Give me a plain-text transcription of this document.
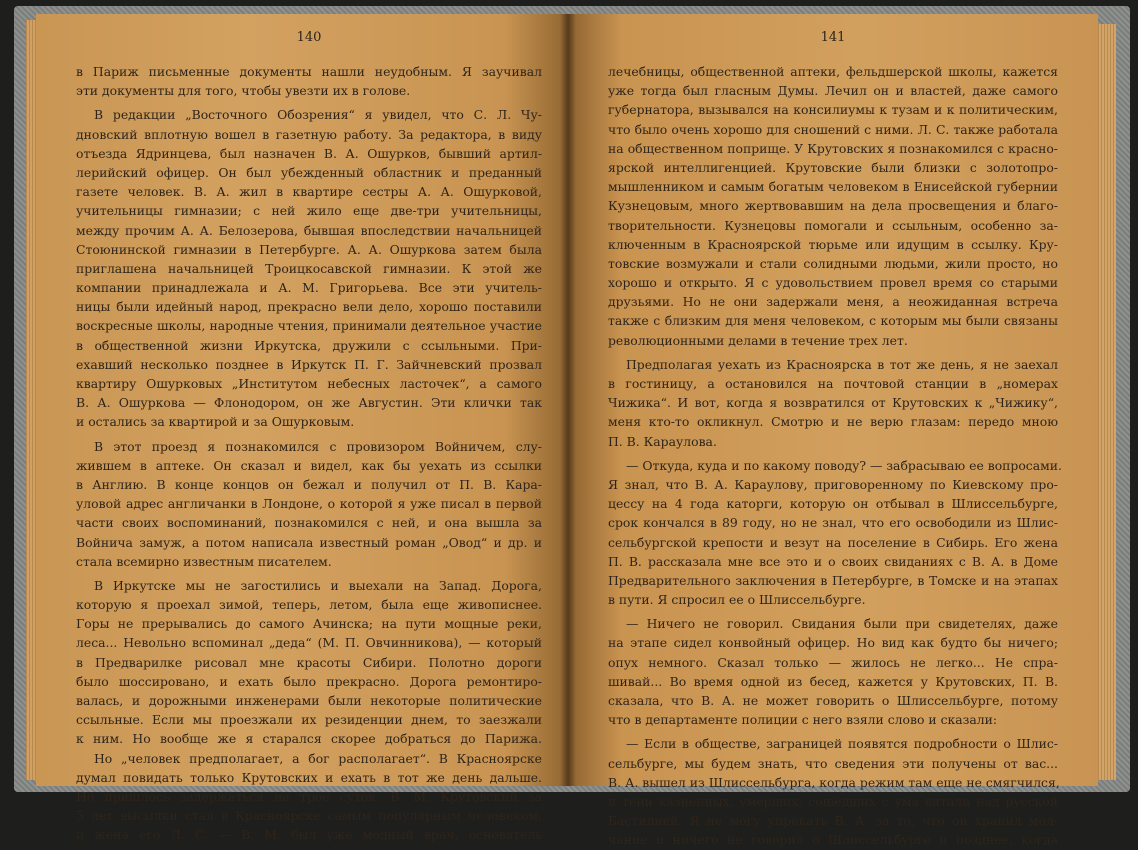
140
в Париж письменные документы нашли неудобным. Я заучивал
эти документы для того, чтобы увезти их в голове.
В редакции „Восточного Обозрения“ я увидел, что С. Л. Чу-
дновский вплотную вошел в газетную работу. За редактора, в виду
отъезда Ядринцева, был назначен В. А. Ошурков, бывший артил-
лерийский офицер. Он был убежденный областник и преданный
газете человек. В. А. жил в квартире сестры А. А. Ошурковой,
учительницы гимназии; с ней жило еще две-три учительницы,
между прочим А. А. Белозерова, бывшая впоследствии начальницей
Стоюнинской гимназии в Петербурге. А. А. Ошуркова затем была
приглашена начальницей Троицкосавской гимназии. К этой же
компании принадлежала и А. М. Григорьева. Все эти учитель-
ницы были идейный народ, прекрасно вели дело, хорошо поставили
воскресные школы, народные чтения, принимали деятельное участие
в общественной жизни Иркутска, дружили с ссыльными. При-
ехавший несколько позднее в Иркутск П. Г. Зайчневский прозвал
квартиру Ошурковых „Институтом небесных ласточек“, а самого
В. А. Ошуркова — Флонодором, он же Августин. Эти клички так
и остались за квартирой и за Ошурковым.
В этот проезд я познакомился с провизором Войничем, слу-
жившем в аптеке. Он сказал и видел, как бы уехать из ссылки
в Англию. В конце концов он бежал и получил от П. В. Кара-
уловой адрес англичанки в Лондоне, о которой я уже писал в первой
части своих воспоминаний, познакомился с ней, и она вышла за
Войнича замуж, а потом написала известный роман „Овод“ и др. и
стала всемирно известным писателем.
В Иркутске мы не загостились и выехали на Запад. Дорога,
которую я проехал зимой, теперь, летом, была еще живописнее.
Горы не прерывались до самого Ачинска; на пути мощные реки,
леса... Невольно вспоминал „деда“ (М. П. Овчинникова), — который
в Предварилке рисовал мне красоты Сибири. Полотно дороги
было шоссировано, и ехать было прекрасно. Дорога ремонтиро-
валась, и дорожными инженерами были некоторые политические
ссыльные. Если мы проезжали их резиденции днем, то заезжали
к ним. Но вообще же я старался скорее добраться до Парижа.
Но „человек предполагает, а бог располагает“. В Красноярске
думал повидать только Крутовских и ехать в тот же день дальше.
Но пришлось задержаться на трое суток. В. М. Крутовский за
5 лет высылки стал в Красноярске самым популярным человеком,
и жена его Л. С. — В. М. был уже модный врач, основатель
141
лечебницы, общественной аптеки, фельдшерской школы, кажется
уже тогда был гласным Думы. Лечил он и властей, даже самого
губернатора, вызывался на консилиумы к тузам и к политическим,
что было очень хорошо для сношений с ними. Л. С. также работала
на общественном поприще. У Крутовских я познакомился с красно-
ярской интеллигенцией. Крутовские были близки с золотопро-
мышленником и самым богатым человеком в Енисейской губернии
Кузнецовым, много жертвовавшим на дела просвещения и благо-
творительности. Кузнецовы помогали и ссыльным, особенно за-
ключенным в Красноярской тюрьме или идущим в ссылку. Кру-
товские возмужали и стали солидными людьми, жили просто, но
хорошо и открыто. Я с удовольствием провел время со старыми
друзьями. Но не они задержали меня, а неожиданная встреча
также с близким для меня человеком, с которым мы были связаны
революционными делами в течение трех лет.
Предполагая уехать из Красноярска в тот же день, я не заехал
в гостиницу, а остановился на почтовой станции в „номерах
Чижика“. И вот, когда я возвратился от Крутовских к „Чижику“,
меня кто-то окликнул. Смотрю и не верю глазам: передо мною
П. В. Караулова.
— Откуда, куда и по какому поводу? — забрасываю ее вопросами.
Я знал, что В. А. Караулову, приговоренному по Киевскому про-
цессу на 4 года каторги, которую он отбывал в Шлиссельбурге,
срок кончался в 89 году, но не знал, что его освободили из Шлис-
сельбургской крепости и везут на поселение в Сибирь. Его жена
П. В. рассказала мне все это и о своих свиданиях с В. А. в Доме
Предварительного заключения в Петербурге, в Томске и на этапах
в пути. Я спросил ее о Шлиссельбурге.
— Ничего не говорил. Свидания были при свидетелях, даже
на этапе сидел конвойный офицер. Но вид как будто бы ничего;
опух немного. Сказал только — жилось не легко... Не спра-
шивай... Во время одной из бесед, кажется у Крутовских, П. В.
сказала, что В. А. не может говорить о Шлиссельбурге, потому
что в департаменте полиции с него взяли слово и сказали:
— Если в обществе, заграницей появятся подробности о Шлис-
сельбурге, мы будем знать, что сведения эти получены от вас...
В. А. вышел из Шлиссельбурга, когда режим там еще не смягчился,
и тени казненных, умерших, сошедших с ума витали над русской
Бастилией. Я не могу упрекать В. А. за то, что он хранил мол-
чание и ничего не говорил о Шлиссельбурге и позднее, когда
